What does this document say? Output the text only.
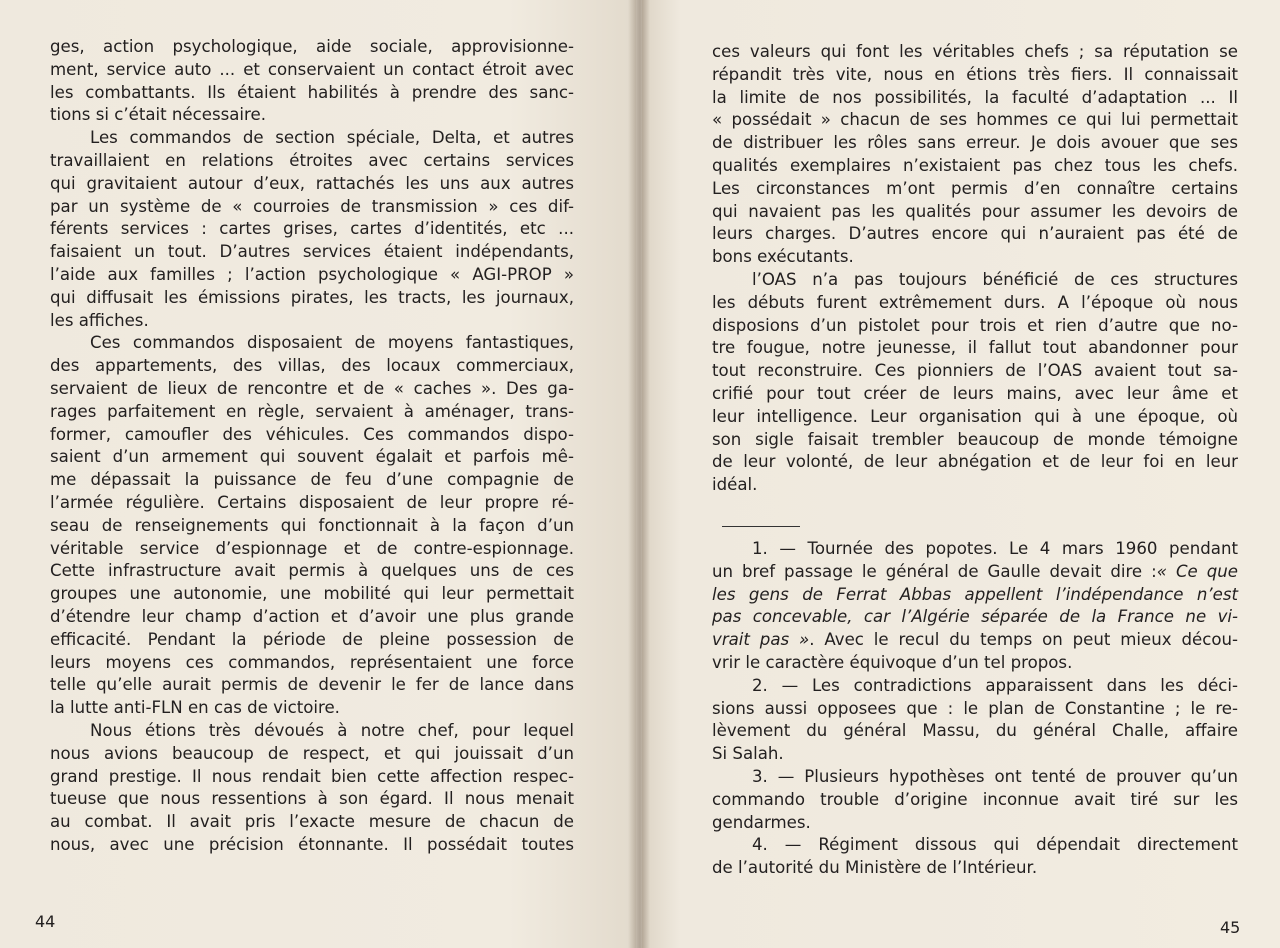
ges, action psychologique, aide sociale, approvisionne-

ment, service auto ... et conservaient un contact étroit avec

les combattants. Ils étaient habilités à prendre des sanc-

tions si c’était nécessaire.

Les commandos de section spéciale, Delta, et autres

travaillaient en relations étroites avec certains services

qui gravitaient autour d’eux, rattachés les uns aux autres

par un système de « courroies de transmission » ces dif-

férents services : cartes grises, cartes d’identités, etc ...

faisaient un tout. D’autres services étaient indépendants,

l’aide aux familles ; l’action psychologique « AGI-PROP »

qui diffusait les émissions pirates, les tracts, les journaux,

les affiches.

Ces commandos disposaient de moyens fantastiques,

des appartements, des villas, des locaux commerciaux,

servaient de lieux de rencontre et de « caches ». Des ga-

rages parfaitement en règle, servaient à aménager, trans-

former, camoufler des véhicules. Ces commandos dispo-

saient d’un armement qui souvent égalait et parfois mê-

me dépassait la puissance de feu d’une compagnie de

l’armée régulière. Certains disposaient de leur propre ré-

seau de renseignements qui fonctionnait à la façon d’un

véritable service d’espionnage et de contre-espionnage.

Cette infrastructure avait permis à quelques uns de ces

groupes une autonomie, une mobilité qui leur permettait

d’étendre leur champ d’action et d’avoir une plus grande

efficacité. Pendant la période de pleine possession de

leurs moyens ces commandos, représentaient une force

telle qu’elle aurait permis de devenir le fer de lance dans

la lutte anti-FLN en cas de victoire.

Nous étions très dévoués à notre chef, pour lequel

nous avions beaucoup de respect, et qui jouissait d’un

grand prestige. Il nous rendait bien cette affection respec-

tueuse que nous ressentions à son égard. Il nous menait

au combat. Il avait pris l’exacte mesure de chacun de

nous, avec une précision étonnante. Il possédait toutes

44

ces valeurs qui font les véritables chefs ; sa réputation se

répandit très vite, nous en étions très fiers. Il connaissait

la limite de nos possibilités, la faculté d’adaptation ... Il

« possédait » chacun de ses hommes ce qui lui permettait

de distribuer les rôles sans erreur. Je dois avouer que ses

qualités exemplaires n’existaient pas chez tous les chefs.

Les circonstances m’ont permis d’en connaître certains

qui navaient pas les qualités pour assumer les devoirs de

leurs charges. D’autres encore qui n’auraient pas été de

bons exécutants.

l’OAS n’a pas toujours bénéficié de ces structures

les débuts furent extrêmement durs. A l’époque où nous

disposions d’un pistolet pour trois et rien d’autre que no-

tre fougue, notre jeunesse, il fallut tout abandonner pour

tout reconstruire. Ces pionniers de l’OAS avaient tout sa-

crifié pour tout créer de leurs mains, avec leur âme et

leur intelligence. Leur organisation qui à une époque, où

son sigle faisait trembler beaucoup de monde témoigne

de leur volonté, de leur abnégation et de leur foi en leur

idéal.

1. — Tournée des popotes. Le 4 mars 1960 pendant

un bref passage le général de Gaulle devait dire :« Ce que

les gens de Ferrat Abbas appellent l’indépendance n’est

pas concevable, car l’Algérie séparée de la France ne vi-

vrait pas ». Avec le recul du temps on peut mieux décou-

vrir le caractère équivoque d’un tel propos.

2. — Les contradictions apparaissent dans les déci-

sions aussi opposees que : le plan de Constantine ; le re-

lèvement du général Massu, du général Challe, affaire

Si Salah.

3. — Plusieurs hypothèses ont tenté de prouver qu’un

commando trouble d’origine inconnue avait tiré sur les

gendarmes.

4. — Régiment dissous qui dépendait directement

de l’autorité du Ministère de l’Intérieur.

45
